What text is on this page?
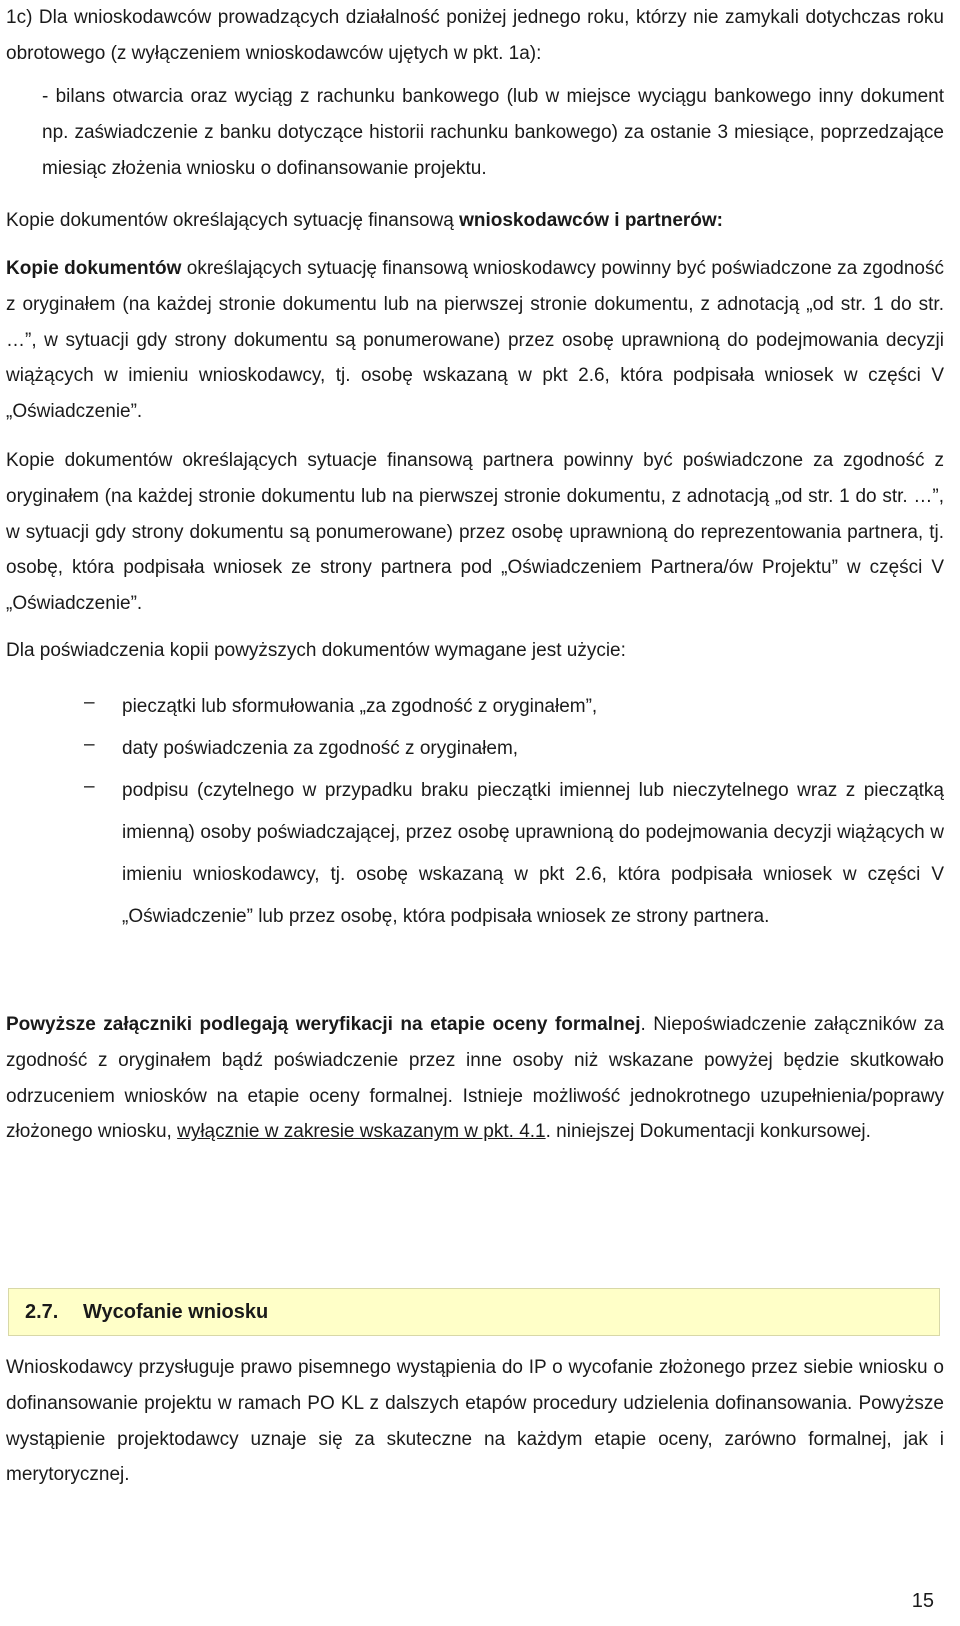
1c) Dla wnioskodawców prowadzących działalność poniżej jednego roku, którzy nie zamykali dotychczas roku obrotowego (z wyłączeniem wnioskodawców ujętych w pkt. 1a):

- bilans otwarcia oraz wyciąg z rachunku bankowego (lub w miejsce wyciągu bankowego inny dokument np. zaświadczenie z banku dotyczące historii rachunku bankowego) za ostanie 3 miesiące, poprzedzające miesiąc złożenia wniosku o dofinansowanie projektu.

Kopie dokumentów określających sytuację finansową wnioskodawców i partnerów:

Kopie dokumentów określających sytuację finansową wnioskodawcy powinny być poświadczone za zgodność z oryginałem (na każdej stronie dokumentu lub na pierwszej stronie dokumentu, z adnotacją „od str. 1 do str. …”, w sytuacji gdy strony dokumentu są ponumerowane) przez osobę uprawnioną do podejmowania decyzji wiążących w imieniu wnioskodawcy, tj. osobę wskazaną w pkt 2.6, która podpisała wniosek w części V „Oświadczenie”.

Kopie dokumentów określających sytuacje finansową partnera powinny być poświadczone za zgodność z oryginałem (na każdej stronie dokumentu lub na pierwszej stronie dokumentu, z adnotacją „od str. 1 do str. …”, w sytuacji gdy strony dokumentu są ponumerowane) przez osobę uprawnioną do reprezentowania partnera, tj. osobę, która podpisała wniosek ze strony partnera pod „Oświadczeniem Partnera/ów Projektu” w części V „Oświadczenie”.

Dla poświadczenia kopii powyższych dokumentów wymagane jest użycie:

–	pieczątki lub sformułowania „za zgodność z oryginałem”,
–	daty poświadczenia za zgodność z oryginałem,
–	podpisu (czytelnego w przypadku braku pieczątki imiennej lub nieczytelnego wraz z pieczątką imienną) osoby poświadczającej, przez osobę uprawnioną do podejmowania decyzji wiążących w imieniu wnioskodawcy, tj. osobę wskazaną w pkt 2.6, która podpisała wniosek w części V „Oświadczenie” lub przez osobę, która podpisała wniosek ze strony partnera.

Powyższe załączniki podlegają weryfikacji na etapie oceny formalnej. Niepoświadczenie załączników za zgodność z oryginałem bądź poświadczenie przez inne osoby niż wskazane powyżej będzie skutkowało odrzuceniem wniosków na etapie oceny formalnej. Istnieje możliwość jednokrotnego uzupełnienia/poprawy złożonego wniosku, wyłącznie w zakresie wskazanym w pkt. 4.1. niniejszej Dokumentacji konkursowej.

2.7. Wycofanie wniosku

Wnioskodawcy przysługuje prawo pisemnego wystąpienia do IP o wycofanie złożonego przez siebie wniosku o dofinansowanie projektu w ramach PO KL z dalszych etapów procedury udzielenia dofinansowania. Powyższe wystąpienie projektodawcy uznaje się za skuteczne na każdym etapie oceny, zarówno formalnej, jak i merytorycznej.

15
